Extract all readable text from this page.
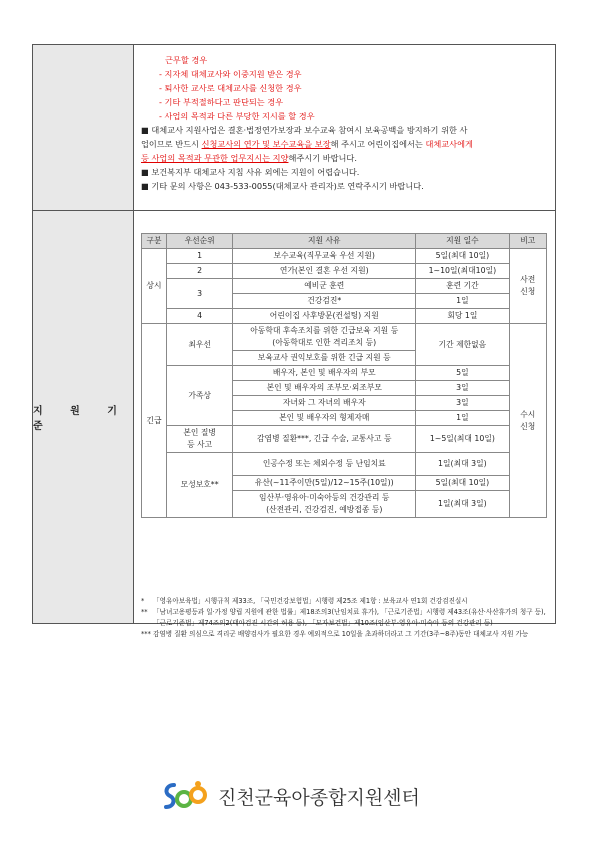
근무할 경우
- 지자체 대체교사와 이중지원 받은 경우
- 퇴사한 교사로 대체교사를 신청한 경우
- 기타 부적절하다고 판단되는 경우
- 사업의 목적과 다른 부당한 지시를 할 경우
■ 대체교사 지원사업은 결혼·법정연가보장과 보수교육 참여시 보육공백을 방지하기 위한 사
업이므로 반드시 신청교사의 연가 및 보수교육을 보장해 주시고 어린이집에서는 대체교사에게
등 사업의 목적과 무관한 업무지시는 지양해주시기 바랍니다.
■ 보건복지부 대체교사 지침 사유 외에는 지원이 어렵습니다.
■ 기타 문의 사항은 043-533-0055(대체교사 관리자)로 연락주시기 바랍니다.
지 원 기 준
구분	우선순위	지원 사유	지원 일수	비고
상시	1	보수교육(직무교육 우선 지원)	5일(최대 10일)	사전
신청
	2	연가(본인 결혼 우선 지원)	1~10일(최대10일)	
	3	예비군 훈련	훈련 기간	
		건강검진*	1일	
	4	어린이집 사후방문(컨설팅) 지원	회당 1일	
긴급	최우선	아동학대 후속조치를 위한 긴급보육 지원 등
(아동학대로 인한 격리조치 등)	기간 제한없음	수시
신청
		보육교사 권익보호를 위한 긴급 지원 등		
	가족상	배우자, 본인 및 배우자의 부모	5일	
		본인 및 배우자의 조부모·외조부모	3일	
		자녀와 그 자녀의 배우자	3일	
		본인 및 배우자의 형제자매	1일	
	본인 질병
등 사고	감염병 질환***, 긴급 수술, 교통사고 등	1~5일(최대 10일)	
	모성보호**	인공수정 또는 체외수정 등 난임치료	1일(최대 3일)	
		유산(~11주이만(5일)/12~15주(10일))	5일(최대 10일)	
		임산부·영유아·미숙아등의 건강관리 등
(산전관리, 건강검진, 예방접종 등)	1일(최대 3일)	
* 「영유아보육법」시행규칙 제33조, 「국민건강보험법」시행령 제25조 제1항 : 보육교사 연1회 건강검진실시
** 「남녀고용평등과 일·가정 양립 지원에 관한 법률」제18조의3(난임치료 휴가), 「근로기준법」시행령 제43조(유산·사산휴가의 청구 등), 「근로기준법」제74조의2(태아검진 시간의 허용 등), 「모자보건법」제10조(임산부·영유아·미숙아 등의 건강관리 등)
*** 감염병 질환 의심으로 격리군 배양검사가 필요한 경우 예외적으로 10일을 초과하더라고 그 기간(3주~8주)동안 대체교사 지원 가능
진천군육아종합지원센터
